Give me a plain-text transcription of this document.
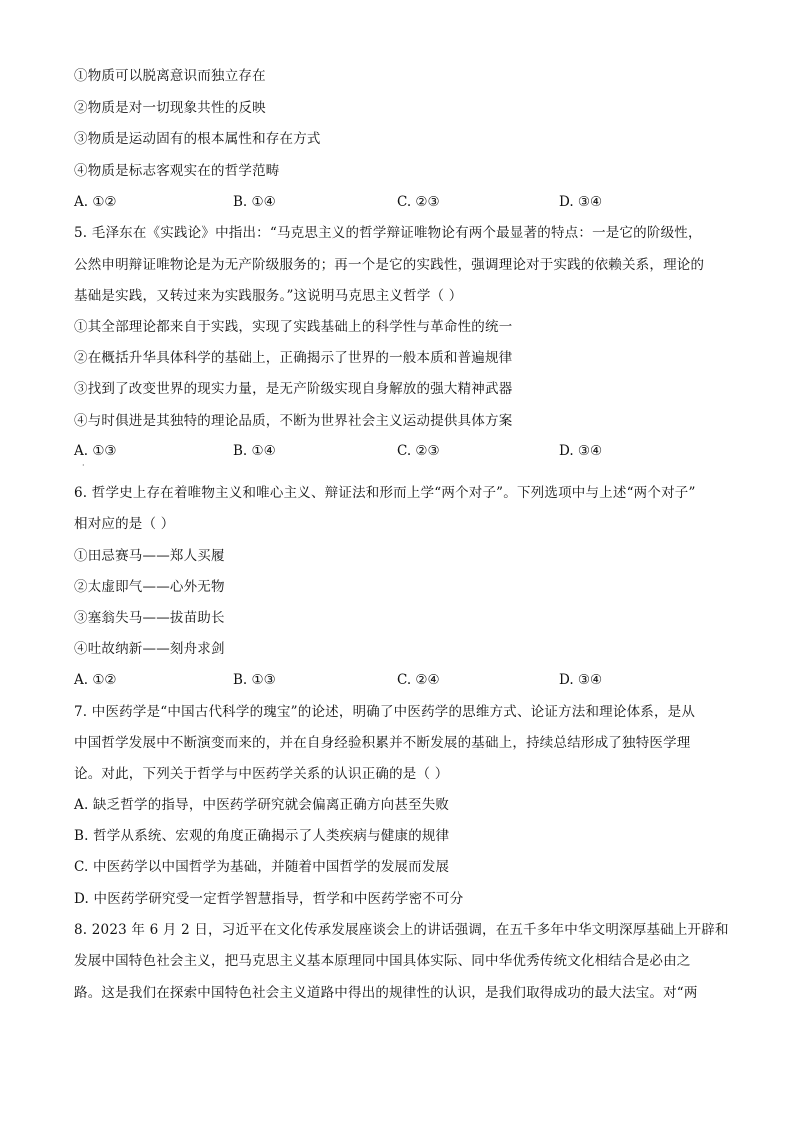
①物质可以脱离意识而独立存在
②物质是对一切现象共性的反映
③物质是运动固有的根本属性和存在方式
④物质是标志客观实在的哲学范畴
A. ①②	B. ①④	C. ②③	D. ③④
5. 毛泽东在《实践论》中指出：“马克思主义的哲学辩证唯物论有两个最显著的特点：一是它的阶级性，
公然申明辩证唯物论是为无产阶级服务的；再一个是它的实践性，强调理论对于实践的依赖关系，理论的
基础是实践，又转过来为实践服务。”这说明马克思主义哲学（ ）
①其全部理论都来自于实践，实现了实践基础上的科学性与革命性的统一
②在概括升华具体科学的基础上，正确揭示了世界的一般本质和普遍规律
③找到了改变世界的现实力量，是无产阶级实现自身解放的强大精神武器
④与时俱进是其独特的理论品质，不断为世界社会主义运动提供具体方案
A. ①③	B. ①④	C. ②③	D. ③④
·
6. 哲学史上存在着唯物主义和唯心主义、辩证法和形而上学“两个对子”。下列选项中与上述“两个对子”
相对应的是（ ）
①田忌赛马——郑人买履
②太虚即气——心外无物
③塞翁失马——拔苗助长
④吐故纳新——刻舟求剑
A. ①②	B. ①③	C. ②④	D. ③④
7. 中医药学是“中国古代科学的瑰宝”的论述，明确了中医药学的思维方式、论证方法和理论体系，是从
中国哲学发展中不断演变而来的，并在自身经验积累并不断发展的基础上，持续总结形成了独特医学理
论。对此，下列关于哲学与中医药学关系的认识正确的是（ ）
A. 缺乏哲学的指导，中医药学研究就会偏离正确方向甚至失败
B. 哲学从系统、宏观的角度正确揭示了人类疾病与健康的规律
C. 中医药学以中国哲学为基础，并随着中国哲学的发展而发展
D. 中医药学研究受一定哲学智慧指导，哲学和中医药学密不可分
8. 2023 年 6 月 2 日，习近平在文化传承发展座谈会上的讲话强调，在五千多年中华文明深厚基础上开辟和
发展中国特色社会主义，把马克思主义基本原理同中国具体实际、同中华优秀传统文化相结合是必由之
路。这是我们在探索中国特色社会主义道路中得出的规律性的认识，是我们取得成功的最大法宝。对“两
